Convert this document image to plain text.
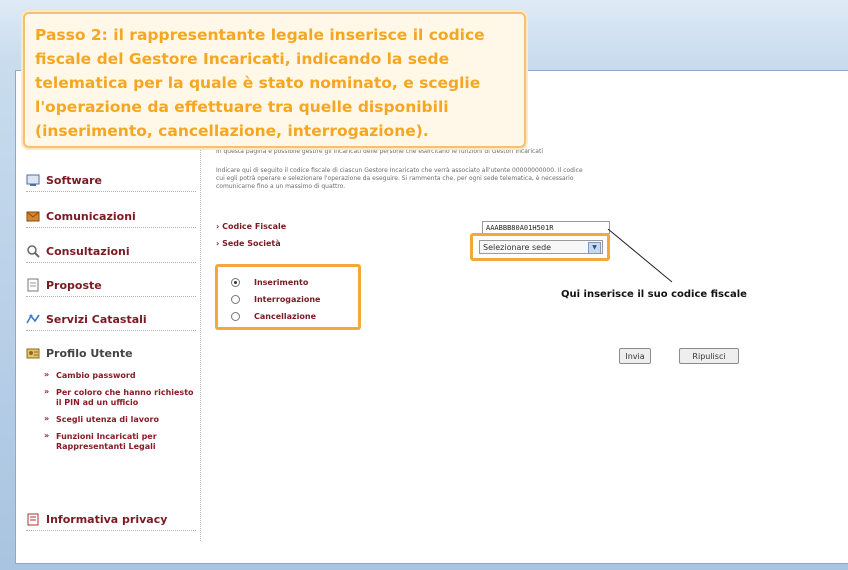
Software
Comunicazioni
Consultazioni
Proposte
Servizi Catastali
Profilo Utente
» Cambio password
» Per coloro che hanno richiesto il PIN ad un ufficio
» Scegli utenza di lavoro
» Funzioni Incaricati per Rappresentanti Legali
Informativa privacy
In questa pagina è possibile gestire gli incaricati delle persone che esercitano le funzioni di Gestori Incaricati
Indicare qui di seguito il codice fiscale di ciascun Gestore Incaricato che verrà associato all'utente 00000000000. Il codice
cui egli potrà operare e selezionare l'operazione da eseguire. Si rammenta che, per ogni sede telematica, è necessario
comunicarne fino a un massimo di quattro.
› Codice Fiscale	AAABBB80A01H501R
› Sede Società	Selezionare sede	▼
Inserimento
Interrogazione
Cancellazione
Qui inserisce il suo codice fiscale
Invia	Ripulisci

Passo 2: il rappresentante legale inserisce il codice

fiscale del Gestore Incaricati, indicando la sede

telematica per la quale è stato nominato, e sceglie

l'operazione da effettuare tra quelle disponibili

(inserimento, cancellazione, interrogazione).
